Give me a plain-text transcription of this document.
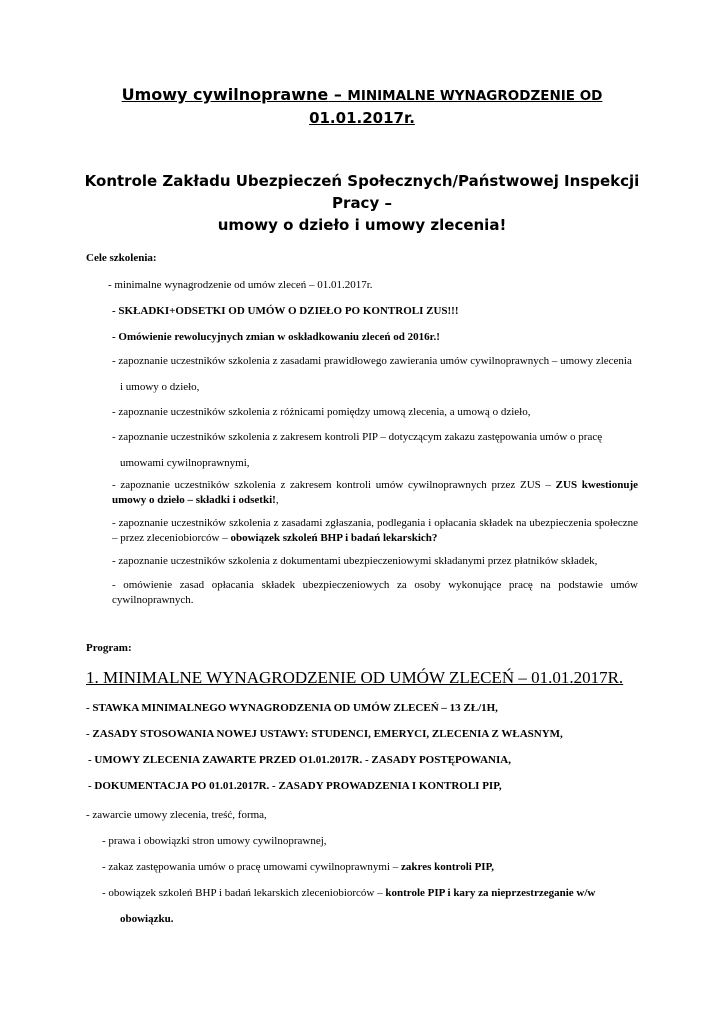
Umowy cywilnoprawne – MINIMALNE WYNAGRODZENIE OD
01.01.2017r.
Kontrole Zakładu Ubezpieczeń Społecznych/Państwowej Inspekcji Pracy –
umowy o dzieło i umowy zlecenia!
Cele szkolenia:
- minimalne wynagrodzenie od umów zleceń – 01.01.2017r.
- SKŁADKI+ODSETKI OD UMÓW O DZIEŁO PO KONTROLI ZUS!!!
- Omówienie rewolucyjnych zmian w oskładkowaniu zleceń od 2016r.!
- zapoznanie uczestników szkolenia z zasadami prawidłowego zawierania umów cywilnoprawnych – umowy zlecenia
i umowy o dzieło,
- zapoznanie uczestników szkolenia z różnicami pomiędzy umową zlecenia, a umową o dzieło,
- zapoznanie uczestników szkolenia z zakresem kontroli PIP – dotyczącym zakazu zastępowania umów o pracę
umowami cywilnoprawnymi,
- zapoznanie uczestników szkolenia z zakresem kontroli umów cywilnoprawnych przez ZUS – ZUS kwestionuje
umowy o dzieło – składki i odsetki!,
- zapoznanie uczestników szkolenia z zasadami zgłaszania, podlegania i opłacania składek na ubezpieczenia społeczne
– przez zleceniobiorców – obowiązek szkoleń BHP i badań lekarskich?
- zapoznanie uczestników szkolenia z dokumentami ubezpieczeniowymi składanymi przez płatników składek,
- omówienie zasad opłacania składek ubezpieczeniowych za osoby wykonujące pracę na podstawie umów
cywilnoprawnych.
Program:
1. MINIMALNE WYNAGRODZENIE OD UMÓW ZLECEŃ – 01.01.2017R.
- STAWKA MINIMALNEGO WYNAGRODZENIA OD UMÓW ZLECEŃ – 13 ZŁ/1H,
- ZASADY STOSOWANIA NOWEJ USTAWY: STUDENCI, EMERYCI, ZLECENIA Z WŁASNYM,
- UMOWY ZLECENIA ZAWARTE PRZED O1.01.2017R. - ZASADY POSTĘPOWANIA,
- DOKUMENTACJA PO 01.01.2017R. - ZASADY PROWADZENIA I KONTROLI PIP,
- zawarcie umowy zlecenia, treść, forma,
- prawa i obowiązki stron umowy cywilnoprawnej,
- zakaz zastępowania umów o pracę umowami cywilnoprawnymi – zakres kontroli PIP,
- obowiązek szkoleń BHP i badań lekarskich zleceniobiorców – kontrole PIP i kary za nieprzestrzeganie w/w
obowiązku.
